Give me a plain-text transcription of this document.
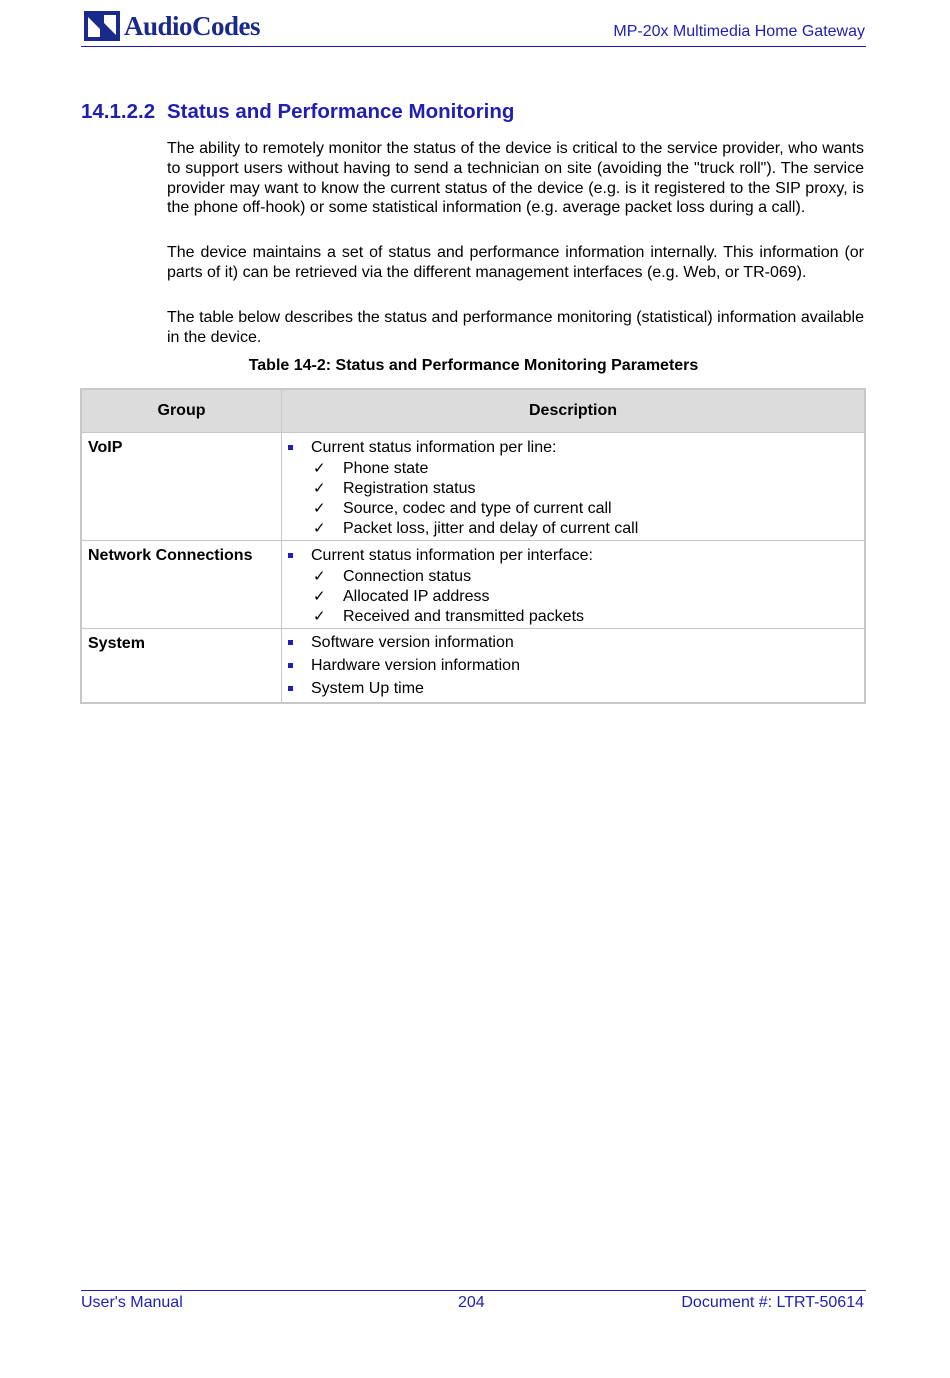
AudioCodes	MP-20x Multimedia Home Gateway
14.1.2.2 Status and Performance Monitoring

The ability to remotely monitor the status of the device is critical to the service provider, who wants to support users without having to send a technician on site (avoiding the "truck roll"). The service provider may want to know the current status of the device (e.g. is it registered to the SIP proxy, is the phone off-hook) or some statistical information (e.g. average packet loss during a call).

The device maintains a set of status and performance information internally. This information (or parts of it) can be retrieved via the different management interfaces (e.g. Web, or TR-069).

The table below describes the status and performance monitoring (statistical) information available in the device.

Table 14-2: Status and Performance Monitoring Parameters
Group	Description
VoIP	Current status information per line:
✓ Phone state
✓ Registration status
✓ Source, codec and type of current call
✓ Packet loss, jitter and delay of current call
Network Connections	Current status information per interface:
✓ Connection status
✓ Allocated IP address
✓ Received and transmitted packets
System	Software version information
Hardware version information
System Up time
User's Manual	204	Document #: LTRT-50614
